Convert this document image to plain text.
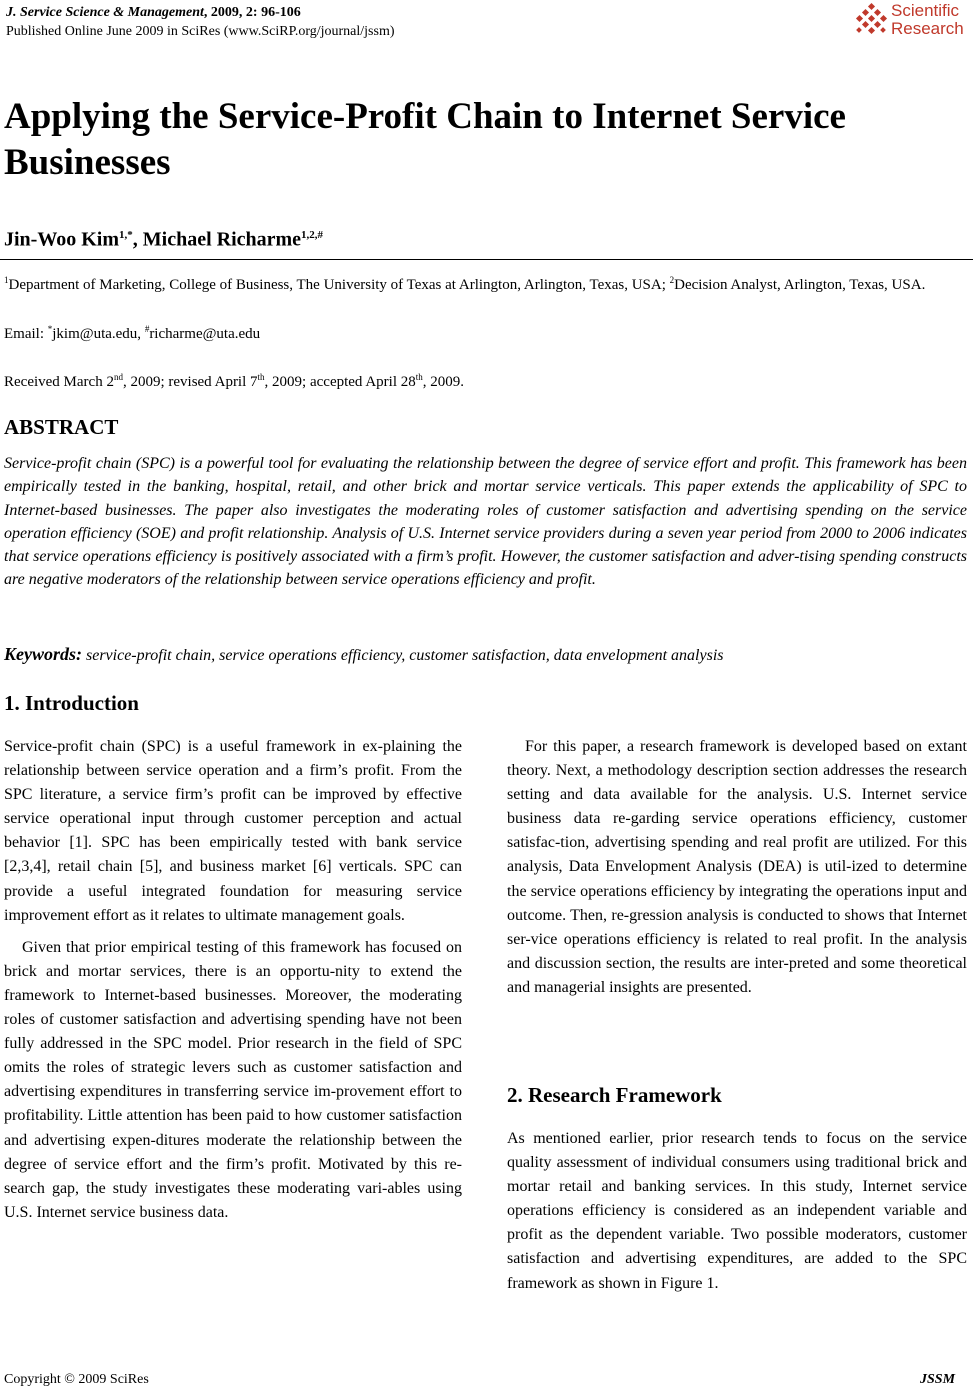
J. Service Science & Management, 2009, 2: 96-106
Published Online June 2009 in SciRes (www.SciRP.org/journal/jssm)
Scientific
Research
Applying the Service-Profit Chain to Internet Service Businesses
Jin-Woo Kim$^{1,*}$, Michael Richarme$^{1,2,\#}$
$^1$Department of Marketing, College of Business, The University of Texas at Arlington, Arlington, Texas, USA; $^2$Decision Analyst, Arlington, Texas, USA.
Email: *jkim@uta.edu, #richarme@uta.edu
Received March 2nd, 2009; revised April 7th, 2009; accepted April 28th, 2009.
ABSTRACT

Service-profit chain (SPC) is a powerful tool for evaluating the relationship between the degree of service effort and profit. This framework has been empirically tested in the banking, hospital, retail, and other brick and mortar service verticals. This paper extends the applicability of SPC to Internet-based businesses. The paper also investigates the moderating roles of customer satisfaction and advertising spending on the service operation efficiency (SOE) and profit relationship. Analysis of U.S. Internet service providers during a seven year period from 2000 to 2006 indicates that service operations efficiency is positively associated with a firm’s profit. However, the customer satisfaction and adver-tising spending constructs are negative moderators of the relationship between service operations efficiency and profit.

Keywords: service-profit chain, service operations efficiency, customer satisfaction, data envelopment analysis
1. Introduction

Service-profit chain (SPC) is a useful framework in ex-plaining the relationship between service operation and a firm’s profit. From the SPC literature, a service firm’s profit can be improved by effective service operational input through customer perception and actual behavior [1]. SPC has been empirically tested with bank service [2,3,4], retail chain [5], and business market [6] verticals. SPC can provide a useful integrated foundation for measuring service improvement effort as it relates to ultimate management goals.

Given that prior empirical testing of this framework has focused on brick and mortar services, there is an opportu-nity to extend the framework to Internet-based businesses. Moreover, the moderating roles of customer satisfaction and advertising spending have not been fully addressed in the SPC model. Prior research in the field of SPC omits the roles of strategic levers such as customer satisfaction and advertising expenditures in transferring service im-provement effort to profitability. Little attention has been paid to how customer satisfaction and advertising expen-ditures moderate the relationship between the degree of service effort and the firm’s profit. Motivated by this re-search gap, the study investigates these moderating vari-ables using U.S. Internet service business data.

For this paper, a research framework is developed based on extant theory. Next, a methodology description section addresses the research setting and data available for the analysis. U.S. Internet service business data re-garding service operations efficiency, customer satisfac-tion, advertising spending and real profit are utilized. For this analysis, Data Envelopment Analysis (DEA) is util-ized to determine the service operations efficiency by integrating the operations input and outcome. Then, re-gression analysis is conducted to shows that Internet ser-vice operations efficiency is related to real profit. In the analysis and discussion section, the results are inter-preted and some theoretical and managerial insights are presented.

2. Research Framework

As mentioned earlier, prior research tends to focus on the service quality assessment of individual consumers using traditional brick and mortar retail and banking services. In this study, Internet service operations efficiency is considered as an independent variable and profit as the dependent variable. Two possible moderators, customer satisfaction and advertising expenditures, are added to the SPC framework as shown in Figure 1.

Copyright © 2009 SciRes	JSSM
